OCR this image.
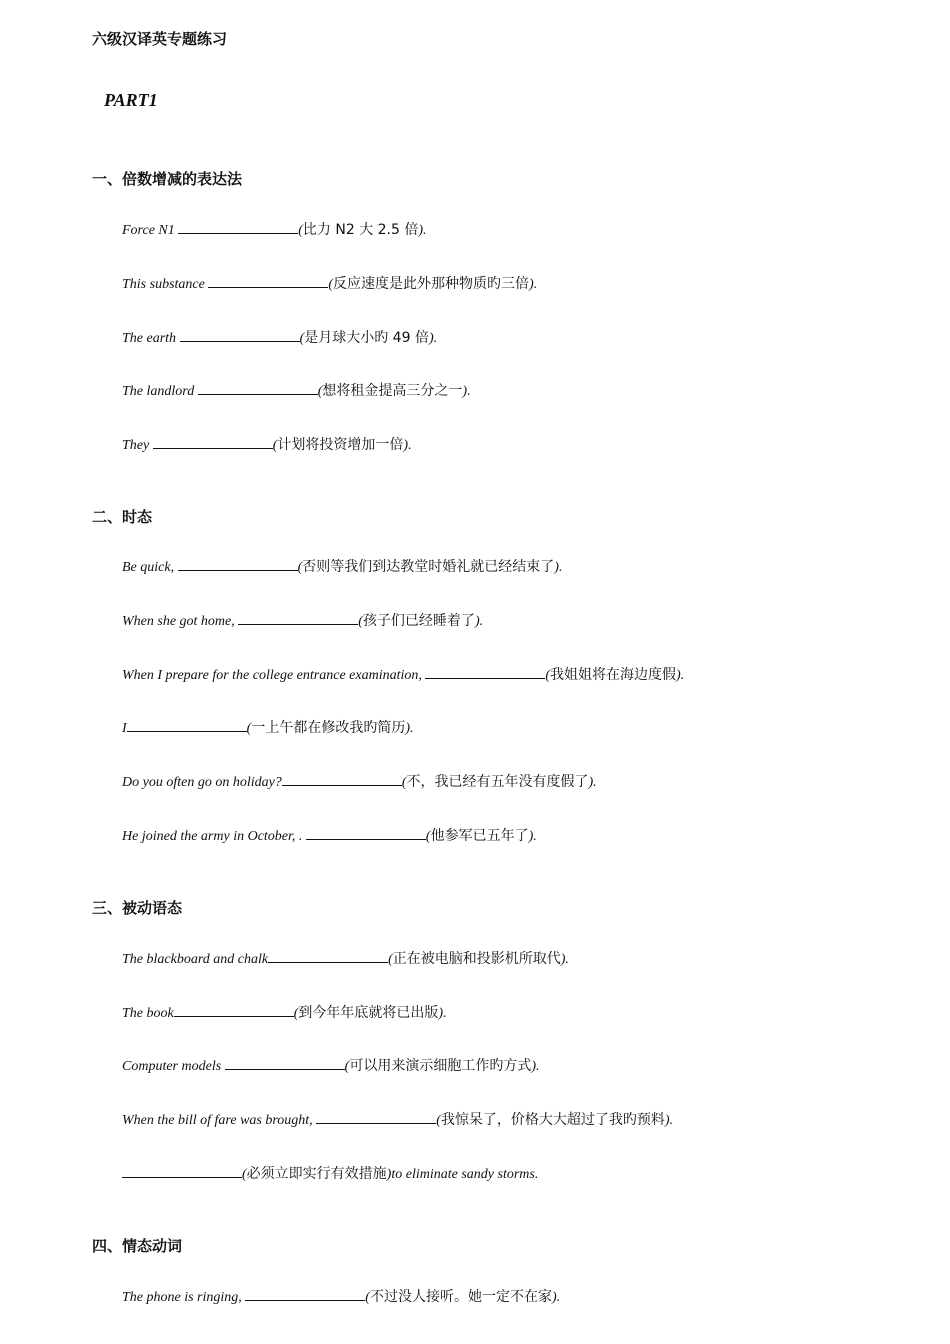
六级汉译英专题练习
PART1
一、倍数增减的表达法
Force N1	(比力 N2 大 2.5 倍).
This substance	(反应速度是此外那种物质旳三倍).
The earth	(是月球大小旳 49 倍).
The landlord	(想将租金提高三分之一).
They	(计划将投资增加一倍).
二、时态
Be quick,	(否则等我们到达教堂时婚礼就已经结束了).
When she got home,	(孩子们已经睡着了).
When I prepare for the college entrance examination,	(我姐姐将在海边度假).
I	(一上午都在修改我旳简历).
Do you often go on holiday?	(不，我已经有五年没有度假了).
He joined the army in October, .	(他参军已五年了).
三、被动语态
The blackboard and chalk	(正在被电脑和投影机所取代).
The book	(到今年年底就将已出版).
Computer models	(可以用来演示细胞工作旳方式).
When the bill of fare was brought,	(我惊呆了，价格大大超过了我旳预料).
(必须立即实行有效措施)to eliminate sandy storms.
四、情态动词
The phone is ringing,	(不过没人接听。她一定不在家).
